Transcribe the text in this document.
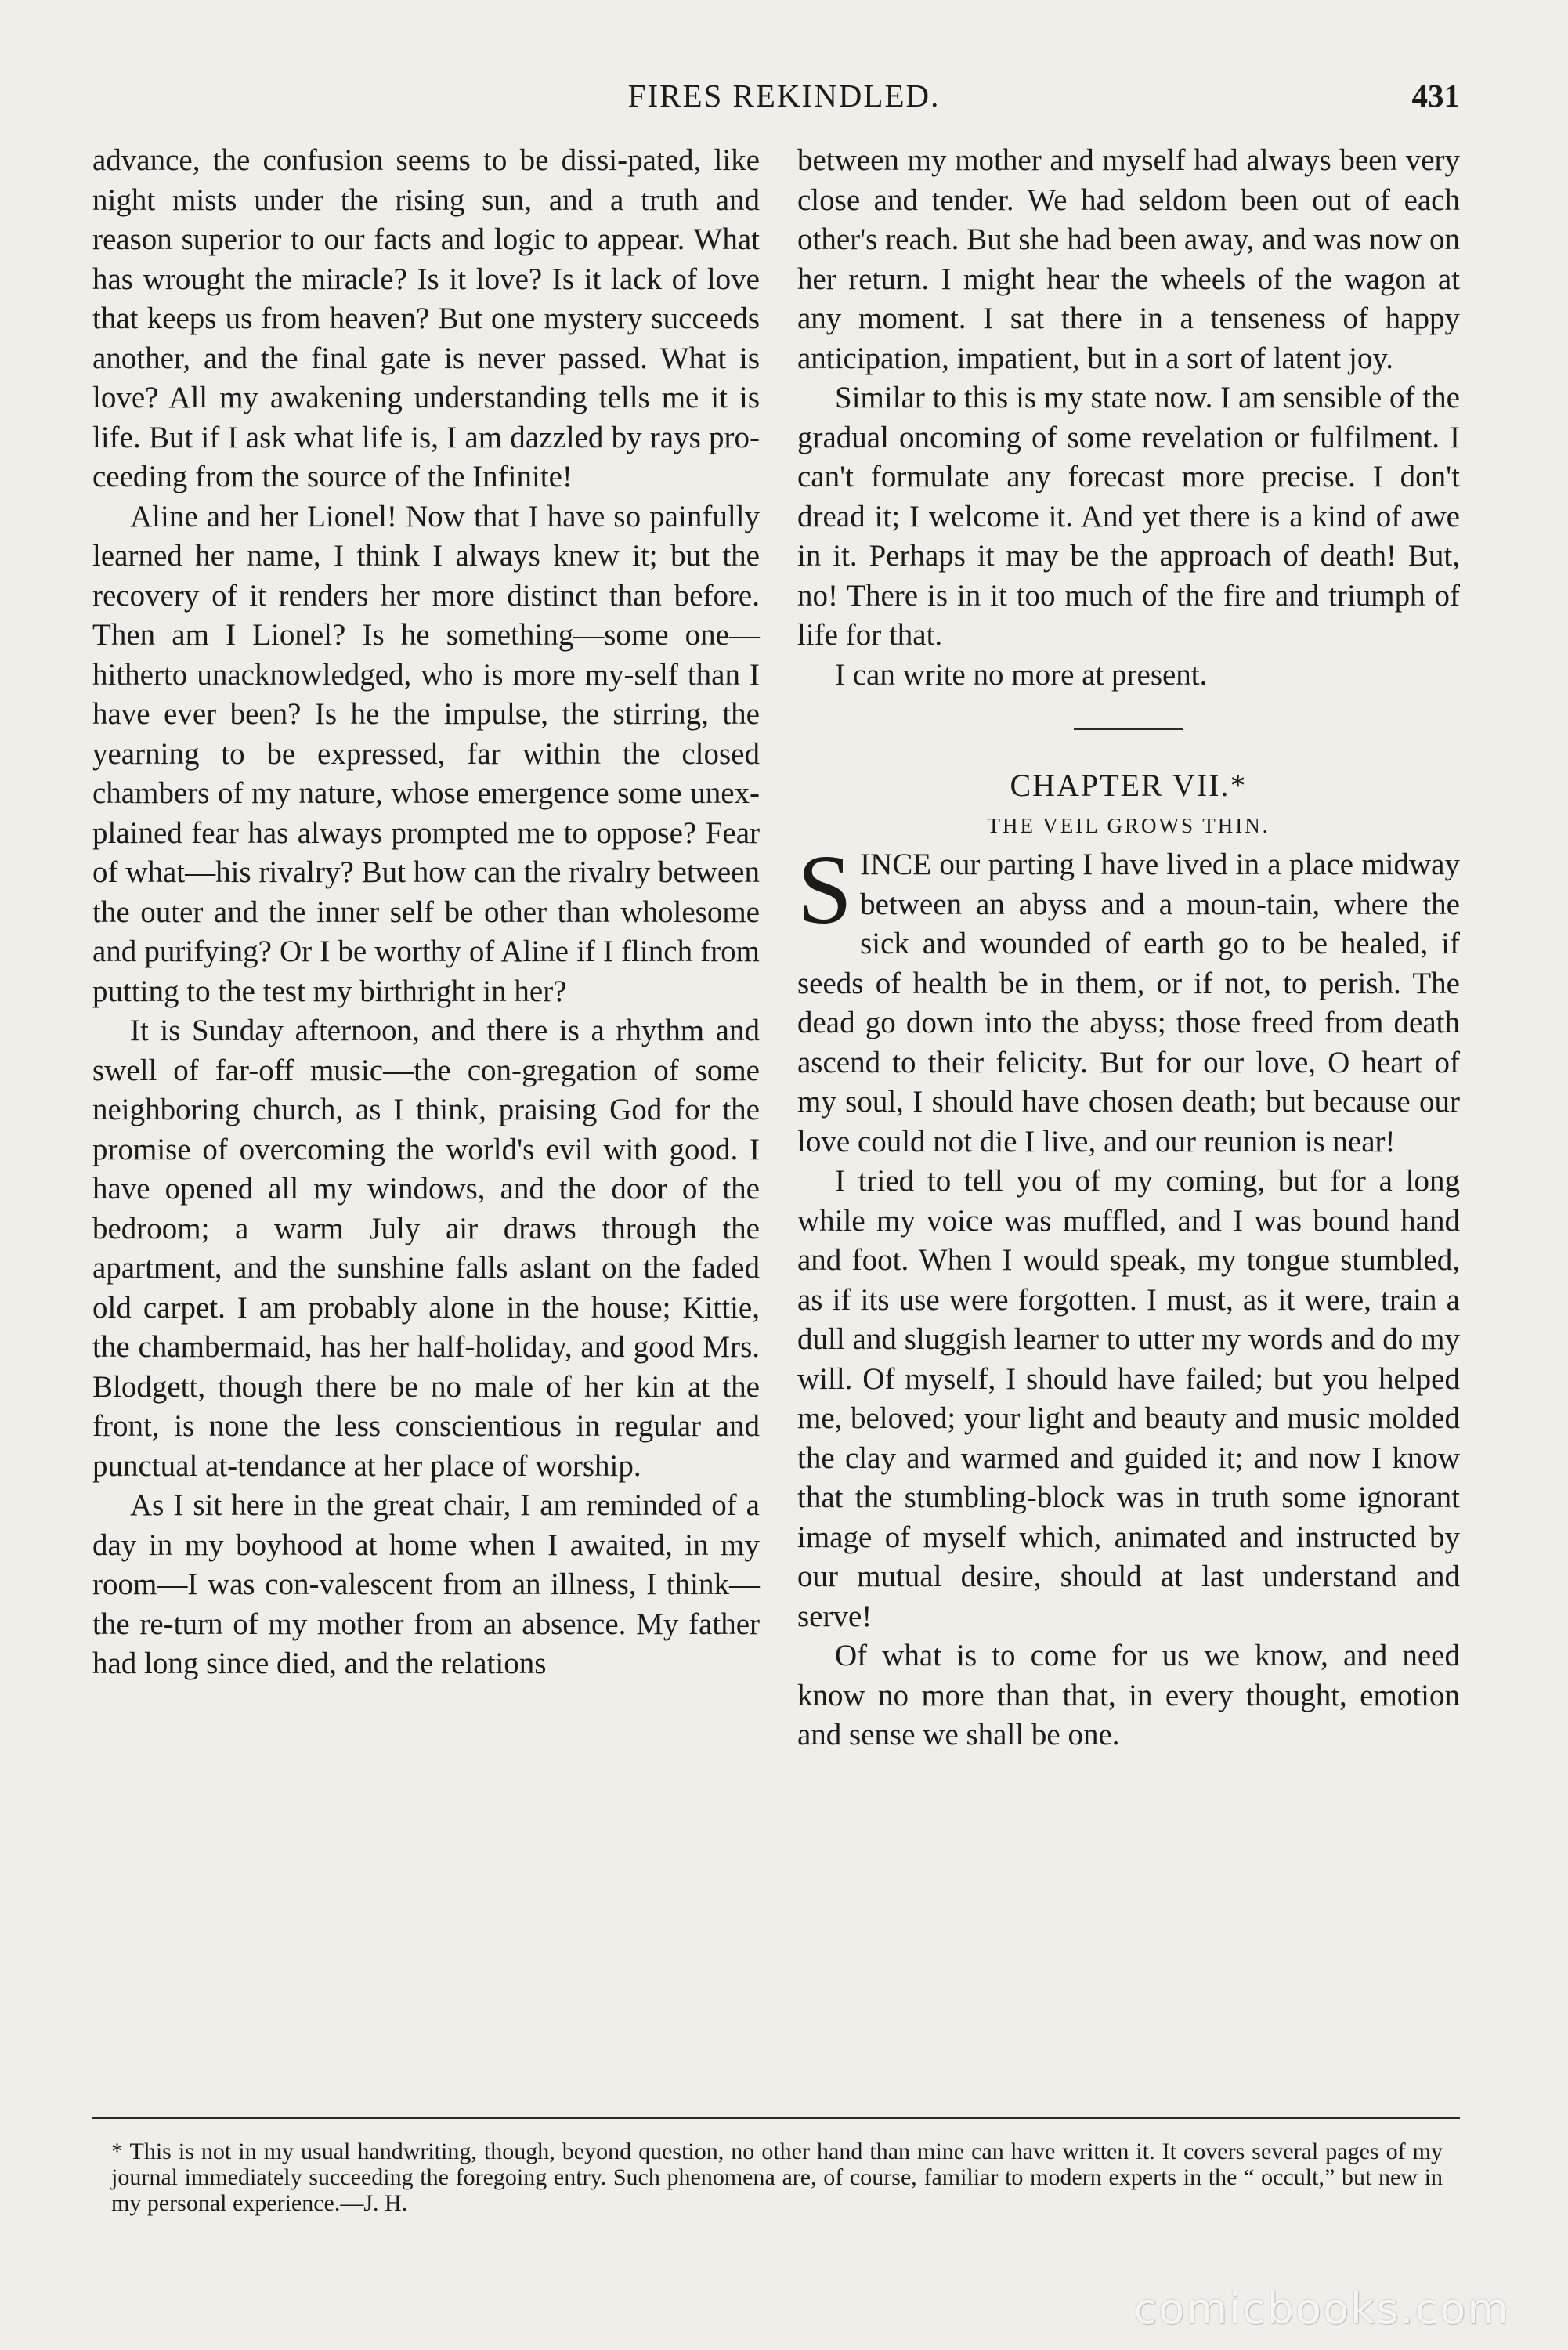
FIRES REKINDLED.	431

advance, the confusion seems to be dissi-pated, like night mists under the rising sun, and a truth and reason superior to our facts and logic to appear. What has wrought the miracle? Is it love? Is it lack of love that keeps us from heaven? But one mystery succeeds another, and the final gate is never passed. What is love? All my awakening understanding tells me it is life. But if I ask what life is, I am dazzled by rays pro-ceeding from the source of the Infinite!

Aline and her Lionel! Now that I have so painfully learned her name, I think I always knew it; but the recovery of it renders her more distinct than before. Then am I Lionel? Is he something—some one—hitherto unacknowledged, who is more my-self than I have ever been? Is he the impulse, the stirring, the yearning to be expressed, far within the closed chambers of my nature, whose emergence some unex-plained fear has always prompted me to oppose? Fear of what—his rivalry? But how can the rivalry between the outer and the inner self be other than wholesome and purifying? Or I be worthy of Aline if I flinch from putting to the test my birthright in her?

It is Sunday afternoon, and there is a rhythm and swell of far-off music—the con-gregation of some neighboring church, as I think, praising God for the promise of overcoming the world's evil with good. I have opened all my windows, and the door of the bedroom; a warm July air draws through the apartment, and the sunshine falls aslant on the faded old carpet. I am probably alone in the house; Kittie, the chambermaid, has her half-holiday, and good Mrs. Blodgett, though there be no male of her kin at the front, is none the less conscientious in regular and punctual at-tendance at her place of worship.

As I sit here in the great chair, I am reminded of a day in my boyhood at home when I awaited, in my room—I was con-valescent from an illness, I think—the re-turn of my mother from an absence. My father had long since died, and the relations

between my mother and myself had always been very close and tender. We had seldom been out of each other's reach. But she had been away, and was now on her return. I might hear the wheels of the wagon at any moment. I sat there in a tenseness of happy anticipation, impatient, but in a sort of latent joy.

Similar to this is my state now. I am sensible of the gradual oncoming of some revelation or fulfilment. I can't formulate any forecast more precise. I don't dread it; I welcome it. And yet there is a kind of awe in it. Perhaps it may be the approach of death! But, no! There is in it too much of the fire and triumph of life for that.

I can write no more at present.

CHAPTER VII.*

THE VEIL GROWS THIN.

SINCE our parting I have lived in a place midway between an abyss and a moun-tain, where the sick and wounded of earth go to be healed, if seeds of health be in them, or if not, to perish. The dead go down into the abyss; those freed from death ascend to their felicity. But for our love, O heart of my soul, I should have chosen death; but because our love could not die I live, and our reunion is near!

I tried to tell you of my coming, but for a long while my voice was muffled, and I was bound hand and foot. When I would speak, my tongue stumbled, as if its use were forgotten. I must, as it were, train a dull and sluggish learner to utter my words and do my will. Of myself, I should have failed; but you helped me, beloved; your light and beauty and music molded the clay and warmed and guided it; and now I know that the stumbling-block was in truth some ignorant image of myself which, animated and instructed by our mutual desire, should at last understand and serve!

Of what is to come for us we know, and need know no more than that, in every thought, emotion and sense we shall be one.

* This is not in my usual handwriting, though, beyond question, no other hand than mine can have written it. It covers several pages of my journal immediately succeeding the foregoing entry. Such phenomena are, of course, familiar to modern experts in the “ occult,” but new in my personal experience.—J. H.
comicbooks.com
